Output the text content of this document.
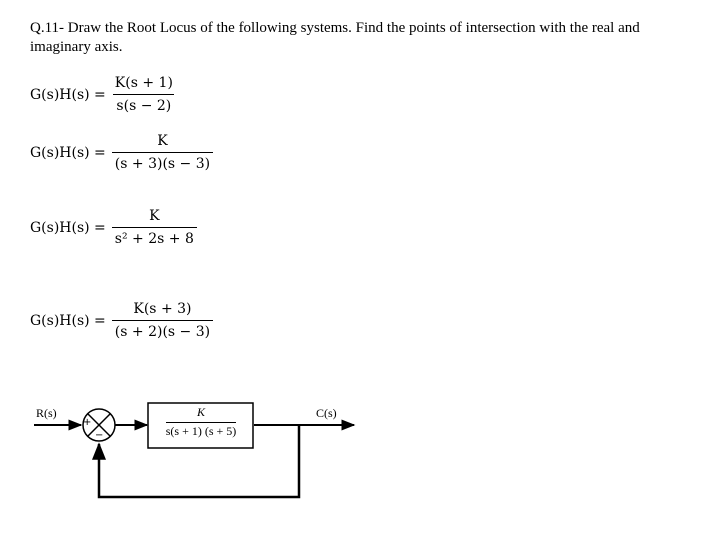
Q.11- Draw the Root Locus of the following systems. Find the points of intersection with the real and imaginary axis.
$G(s)H(s) = \frac{K(s + 1)}{s(s - 2)}$
$G(s)H(s) = \frac{K}{(s + 3)(s - 3)}$
$G(s)H(s) = \frac{K}{\text{s² + 2s + 8}}$
$G(s)H(s) = \frac{K(s + 3)}{(s + 2)(s - 3)}$
R(s)	C(s)
+
−	$\frac{K}{s(s + 1) (s + 5)}$
